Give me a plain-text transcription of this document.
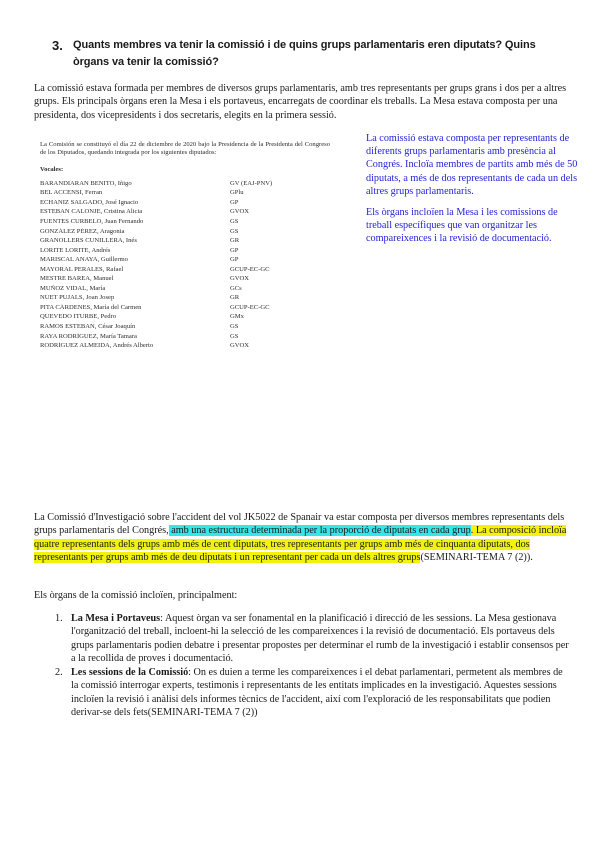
3. Quants membres va tenir la comissió i de quins grups parlamentaris eren diputats? Quins òrgans va tenir la comissió?

La comissió estava formada per membres de diversos grups parlamentaris, amb tres representants per grups grans i dos per a altres grups. Els principals òrgans eren la Mesa i els portaveus, encarregats de coordinar els treballs. La Mesa estava composta per una presidenta, dos vicepresidents i dos secretaris, elegits en la primera sessió.

La Comisión se constituyó el día 22 de diciembre de 2020 bajo la Presidencia de la Presidenta del Congreso de los Diputados, quedando integrada por los siguientes diputados:
Vocales:
BARANDIARAN BENITO, Iñigo	GV (EAJ-PNV)
BEL ACCENSI, Ferran	GPlu
ECHANIZ SALGADO, José Ignacio	GP
ESTEBAN CALONJE, Cristina Alicia	GVOX
FUENTES CURBELO, Juan Fernando	GS
GONZÁLEZ PÉREZ, Aragonia	GS
GRANOLLERS CUNILLERA, Inés	GR
LORITE LORITE, Andrés	GP
MARISCAL ANAYA, Guillermo	GP
MAYORAL PERALES, Rafael	GCUP-EC-GC
MESTRE BAREA, Manuel	GVOX
MUÑOZ VIDAL, María	GCs
NUET PUJALS, Joan Josep	GR
PITA CÁRDENES, María del Carmen	GCUP-EC-GC
QUEVEDO ITURBE, Pedro	GMx
RAMOS ESTEBAN, César Joaquín	GS
RAYA RODRÍGUEZ, María Tamara	GS
RODRÍGUEZ ALMEIDA, Andrés Alberto	GVOX

La comissió estava composta per representants de diferents grups parlamentaris amb presència al Congrés. Incloïa membres de partits amb més de 50 diputats, a més de dos representants de cada un dels altres grups parlamentaris.

Els òrgans incloïen la Mesa i les comissions de treball específiques que van organitzar les compareixences i la revisió de documentació.

La Comissió d'Investigació sobre l'accident del vol JK5022 de Spanair va estar composta per diversos membres representants dels grups parlamentaris del Congrés, amb una estructura determinada per la proporció de diputats en cada grup. La composició incloïa quatre representants dels grups amb més de cent diputats, tres representants per grups amb més de cinquanta diputats, dos representants per grups amb més de deu diputats i un representant per cada un dels altres grups(SEMINARI-TEMA 7 (2)).

Els òrgans de la comissió incloïen, principalment:

1. La Mesa i Portaveus: Aquest òrgan va ser fonamental en la planificació i direcció de les sessions. La Mesa gestionava l'organització del treball, incloent-hi la selecció de les compareixences i la revisió de documentació. Els portaveus dels grups parlamentaris podien debatre i presentar propostes per determinar el rumb de la investigació i establir consensos per a la recollida de proves i documentació.
2. Les sessions de la Comissió: On es duien a terme les compareixences i el debat parlamentari, permetent als membres de la comissió interrogar experts, testimonis i representants de les entitats implicades en la investigació. Aquestes sessions incloïen la revisió i anàlisi dels informes tècnics de l'accident, així com l'exploració de les responsabilitats que podien derivar-se dels fets(SEMINARI-TEMA 7 (2))
